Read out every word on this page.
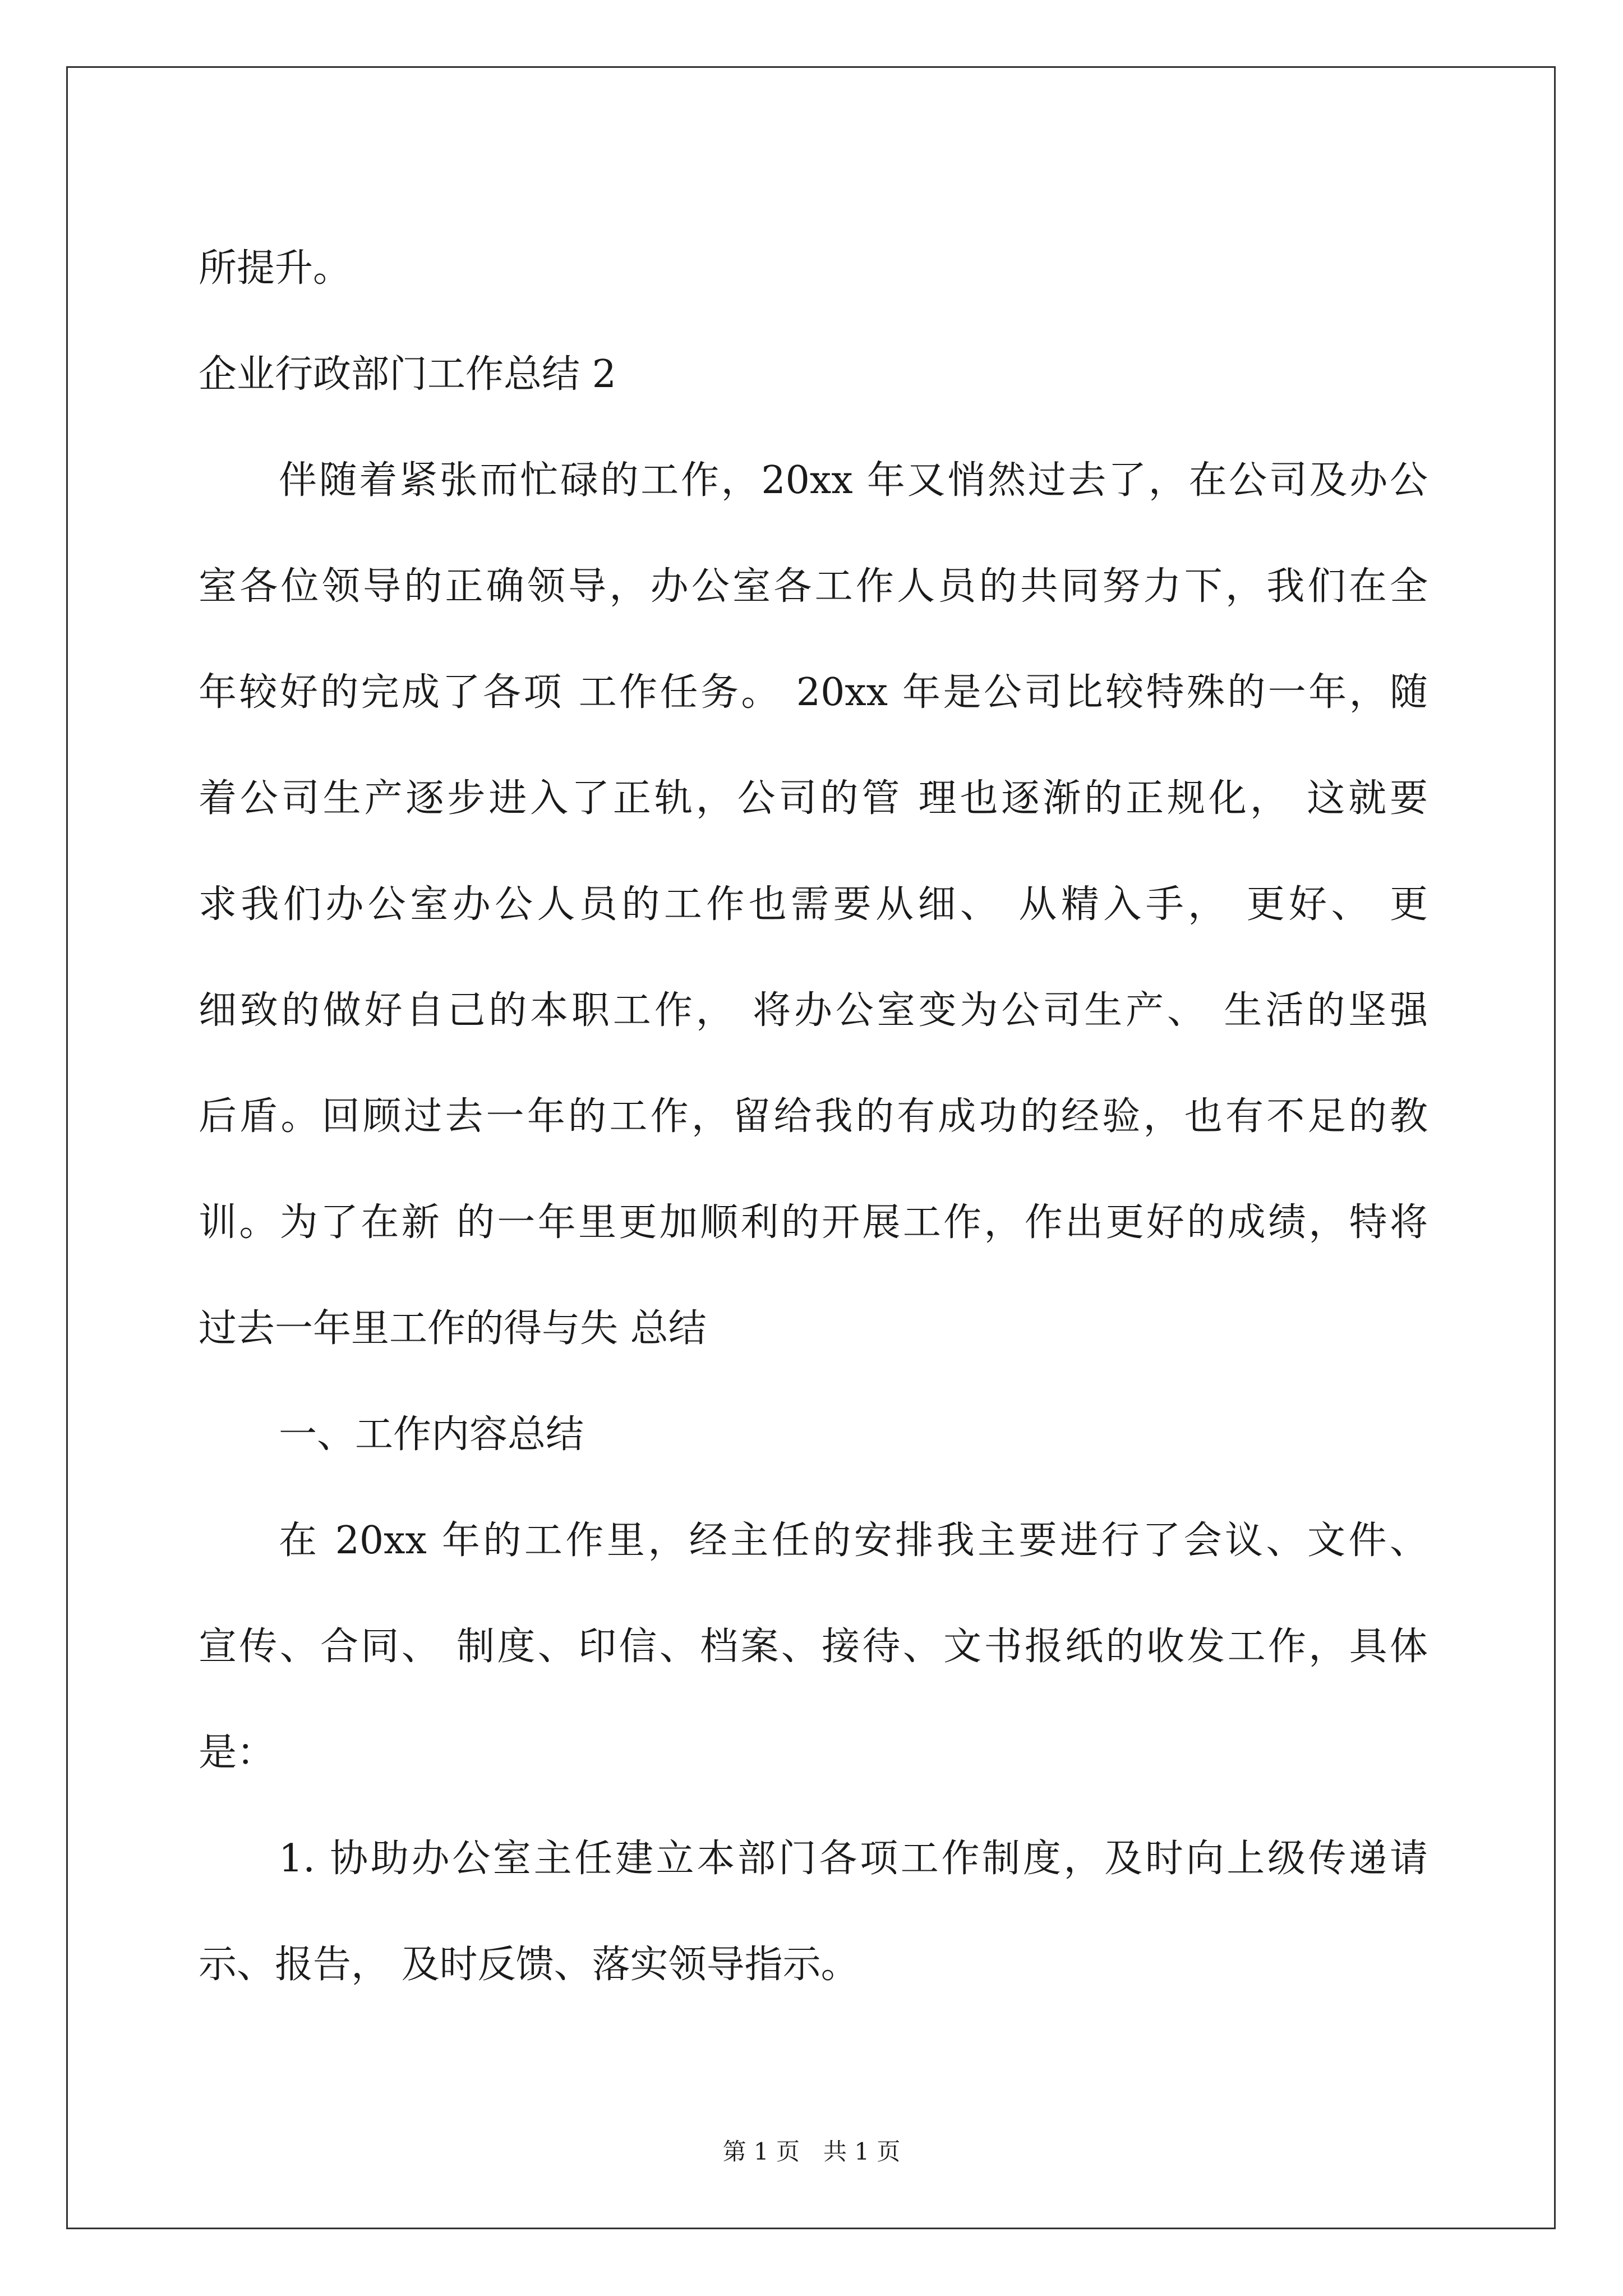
所提升。
企业行政部门工作总结 2
伴随着紧张而忙碌的工作，20xx 年又悄然过去了，在公司及办公
室各位领导的正确领导，办公室各工作人员的共同努力下，我们在全
年较好的完成了各项 工作任务。 20xx 年是公司比较特殊的一年，随
着公司生产逐步进入了正轨，公司的管 理也逐渐的正规化， 这就要
求我们办公室办公人员的工作也需要从细、 从精入手， 更好、 更
细致的做好自己的本职工作， 将办公室变为公司生产、 生活的坚强
后盾。回顾过去一年的工作，留给我的有成功的经验，也有不足的教
训。为了在新 的一年里更加顺利的开展工作，作出更好的成绩，特将
过去一年里工作的得与失 总结
一、工作内容总结
在 20xx 年的工作里，经主任的安排我主要进行了会议、文件、
宣传、合同、 制度、印信、档案、接待、文书报纸的收发工作，具体
是：
1. 协助办公室主任建立本部门各项工作制度，及时向上级传递请
示、报告， 及时反馈、落实领导指示。
第 1 页　共 1 页
